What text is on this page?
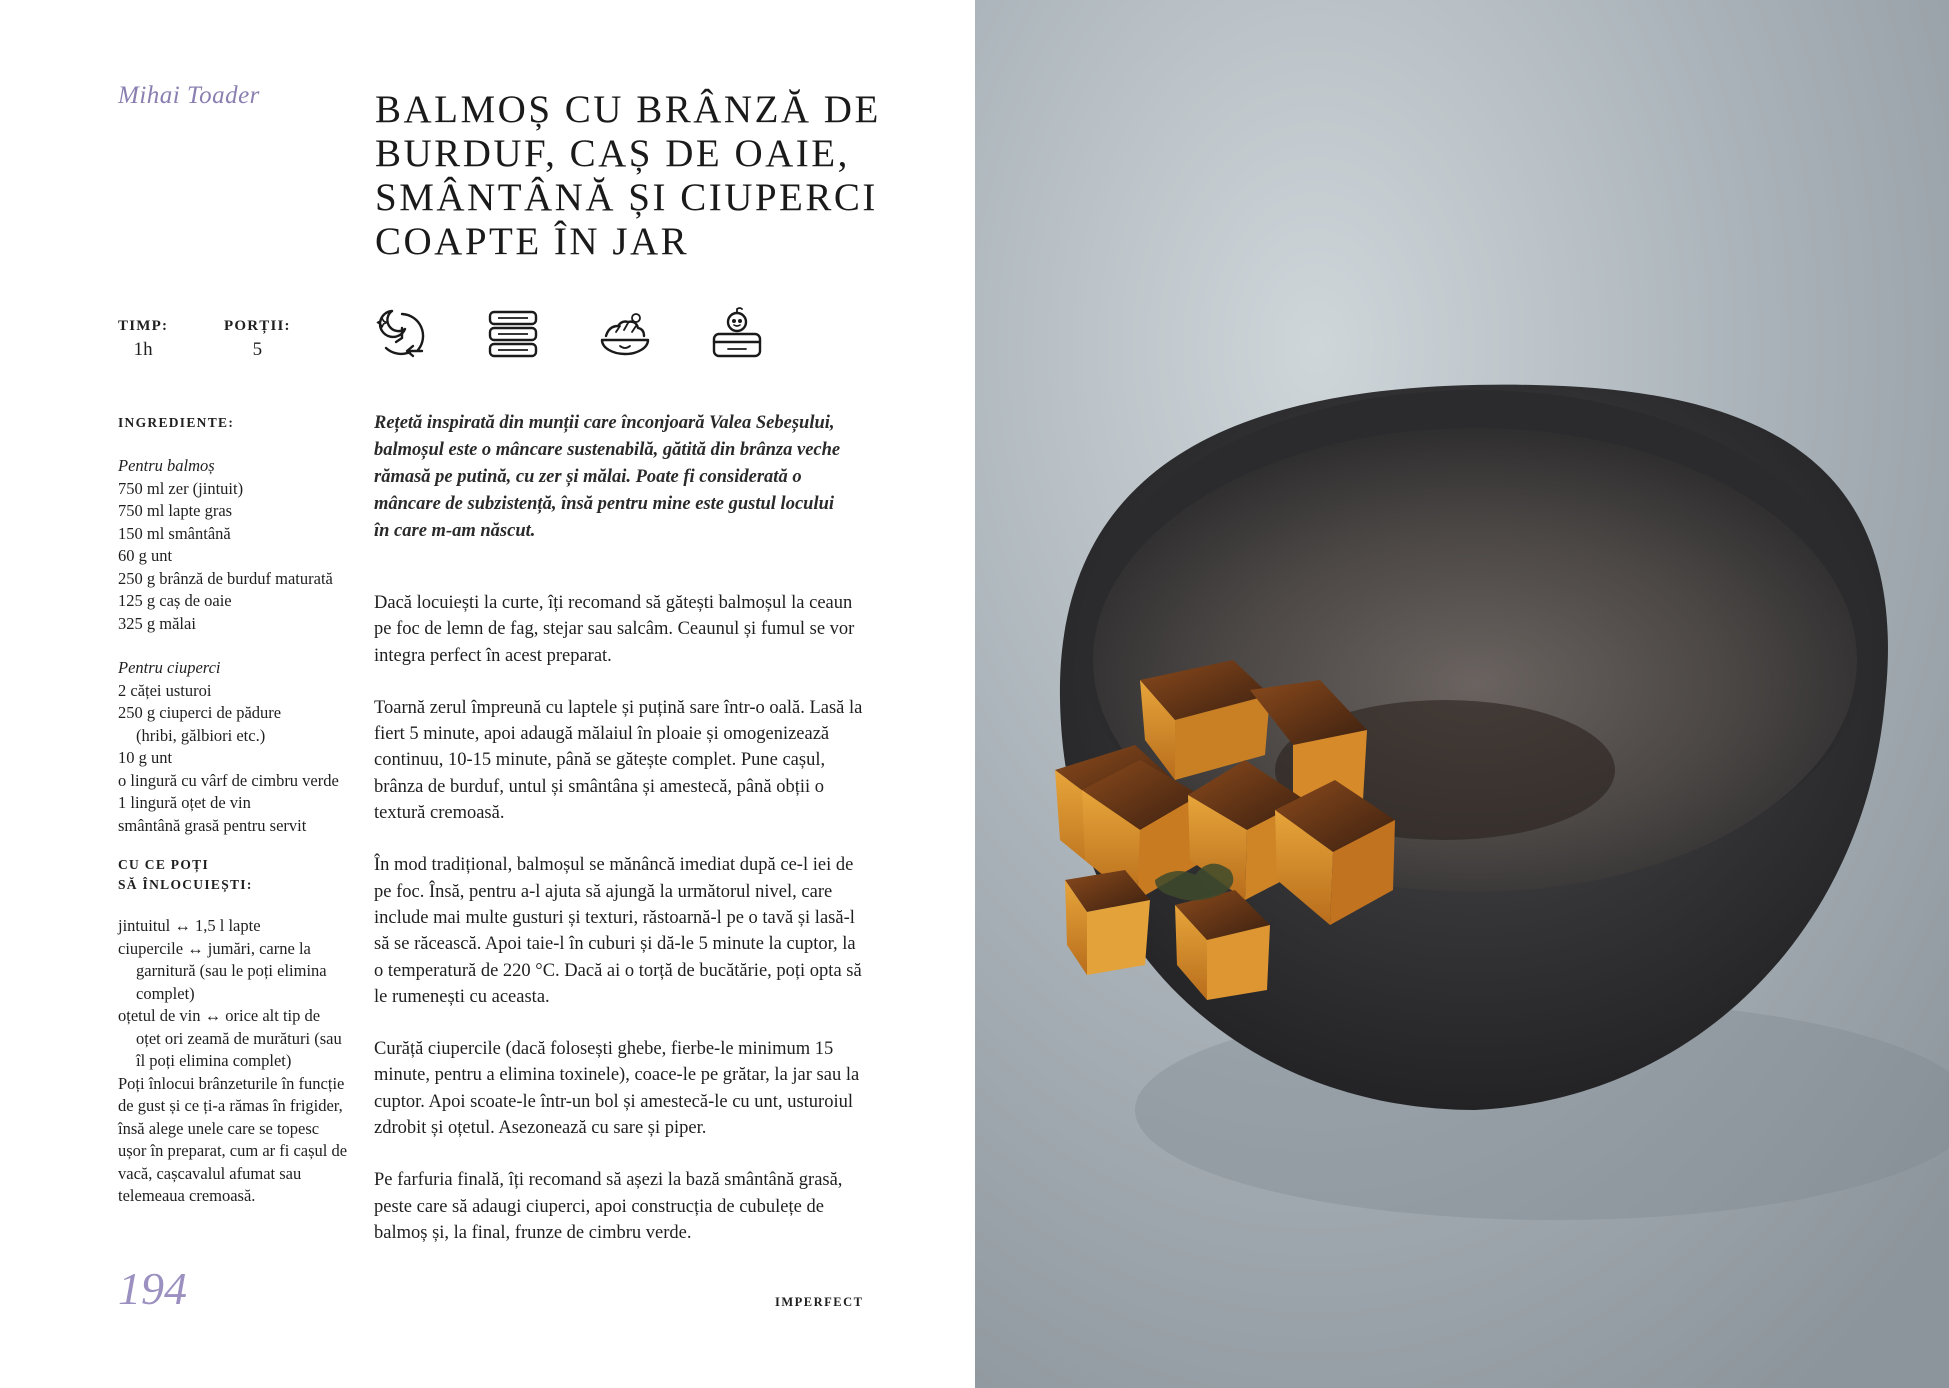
Mihai Toader	BALMOȘ CU BRÂNZĂ DE BURDUF, CAȘ DE OAIE, SMÂNTÂNĂ ȘI CIUPERCI COAPTE ÎN JAR
TIMP:
1h
PORȚII:
5
INGREDIENTE:
Pentru balmoș
750 ml zer (jintuit)
750 ml lapte gras
150 ml smântână
60 g unt
250 g brânză de burduf maturată
125 g caș de oaie
325 g mălai
Pentru ciuperci
2 căței usturoi
250 g ciuperci de pădure
(hribi, gălbiori etc.)
10 g unt
o lingură cu vârf de cimbru verde
1 lingură oțet de vin
smântână grasă pentru servit
CU CE POȚI
SĂ ÎNLOCUIEȘTI:
jintuitul ↔ 1,5 l lapte
ciupercile ↔ jumări, carne la garnitură (sau le poți elimina complet)
oțetul de vin ↔ orice alt tip de oțet ori zeamă de murături (sau îl poți elimina complet)
Poți înlocui brânzeturile în funcție de gust și ce ți-a rămas în frigider, însă alege unele care se topesc ușor în preparat, cum ar fi cașul de vacă, cașcavalul afumat sau telemeaua cremoasă.

Rețetă inspirată din munții care înconjoară Valea Sebeșului, balmoșul este o mâncare sustenabilă, gătită din brânza veche rămasă pe putină, cu zer și mălai. Poate fi considerată o mâncare de subzistență, însă pentru mine este gustul locului în care m-am născut.

Dacă locuiești la curte, îți recomand să gătești balmoșul la ceaun pe foc de lemn de fag, stejar sau salcâm. Ceaunul și fumul se vor integra perfect în acest preparat.

Toarnă zerul împreună cu laptele și puțină sare într-o oală. Lasă la fiert 5 minute, apoi adaugă mălaiul în ploaie și omogenizează continuu, 10-15 minute, până se gătește complet. Pune cașul, brânza de burduf, untul și smântâna și amestecă, până obții o textură cremoasă.

În mod tradițional, balmoșul se mănâncă imediat după ce-l iei de pe foc. Însă, pentru a-l ajuta să ajungă la următorul nivel, care include mai multe gusturi și texturi, răstoarnă-l pe o tavă și lasă-l să se răcească. Apoi taie-l în cuburi și dă-le 5 minute la cuptor, la o temperatură de 220 °C. Dacă ai o torță de bucătărie, poți opta să le rumenești cu aceasta.

Curăță ciupercile (dacă folosești ghebe, fierbe-le minimum 15 minute, pentru a elimina toxinele), coace-le pe grătar, la jar sau la cuptor. Apoi scoate-le într-un bol și amestecă-le cu unt, usturoiul zdrobit și oțetul. Asezonează cu sare și piper.

Pe farfuria finală, îți recomand să așezi la bază smântână grasă, peste care să adaugi ciuperci, apoi construcția de cubulețe de balmoș și, la final, frunze de cimbru verde.

194	IMPERFECT
